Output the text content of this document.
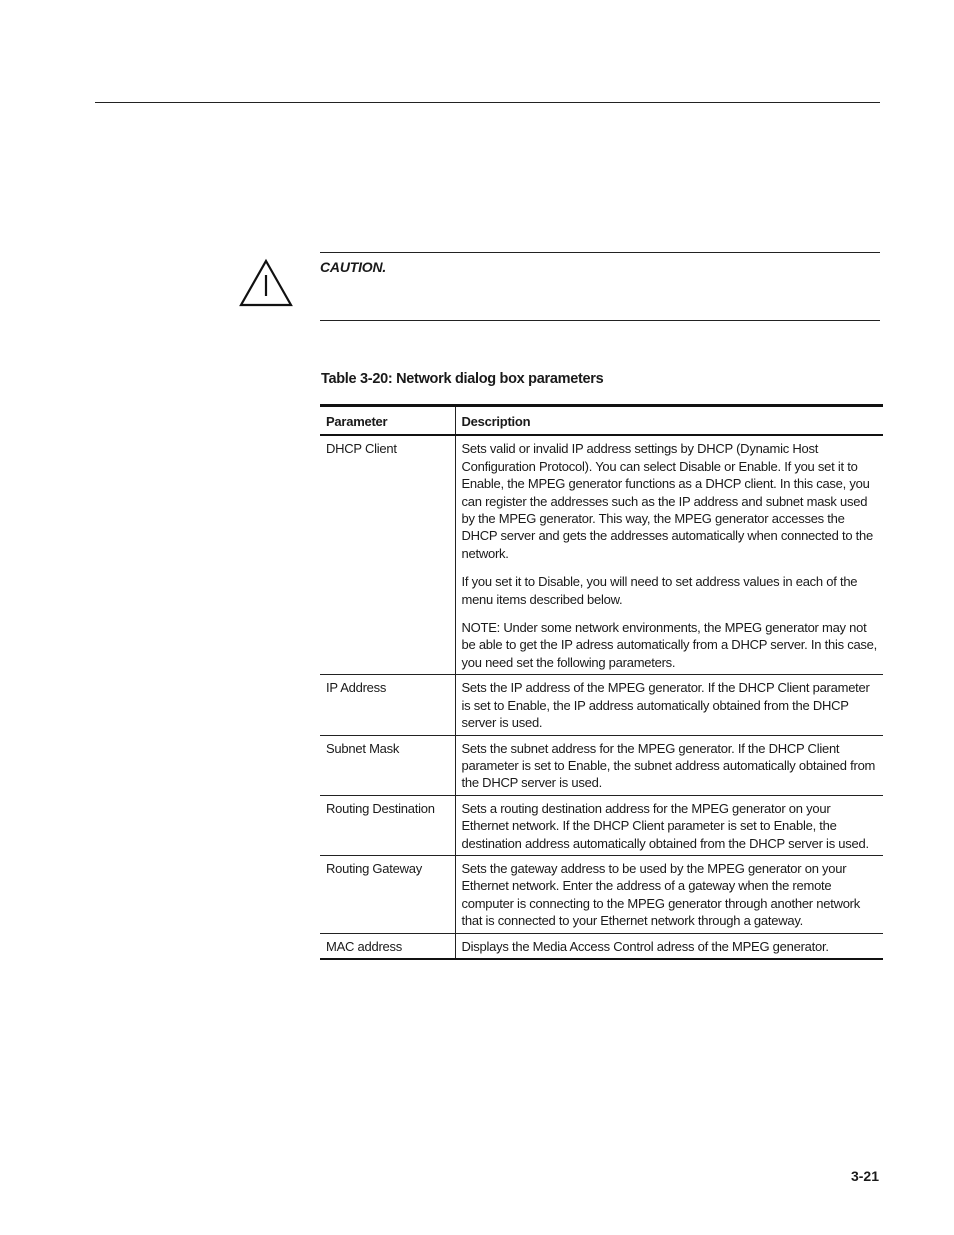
CAUTION.
Table 3-20: Network dialog box parameters
Parameter	Description
DHCP Client	Sets valid or invalid IP address settings by DHCP (Dynamic Host Configuration Protocol). You can select Disable or Enable. If you set it to Enable, the MPEG generator functions as a DHCP client. In this case, you can register the addresses such as the IP address and subnet mask used by the MPEG generator. This way, the MPEG generator accesses the DHCP server and gets the addresses automatically when connected to the network.

If you set it to Disable, you will need to set address values in each of the menu items described below.

NOTE: Under some network environments, the MPEG generator may not be able to get the IP adress automatically from a DHCP server. In this case, you need set the following parameters.

IP Address	Sets the IP address of the MPEG generator. If the DHCP Client parameter is set to Enable, the IP address automatically obtained from the DHCP server is used.

Subnet Mask	Sets the subnet address for the MPEG generator. If the DHCP Client parameter is set to Enable, the subnet address automatically obtained from the DHCP server is used.

Routing Destination	Sets a routing destination address for the MPEG generator on your Ethernet network. If the DHCP Client parameter is set to Enable, the destination address automatically obtained from the DHCP server is used.

Routing Gateway	Sets the gateway address to be used by the MPEG generator on your Ethernet network. Enter the address of a gateway when the remote computer is connecting to the MPEG generator through another network that is connected to your Ethernet network through a gateway.

MAC address	Displays the Media Access Control adress of the MPEG generator.

3-21
